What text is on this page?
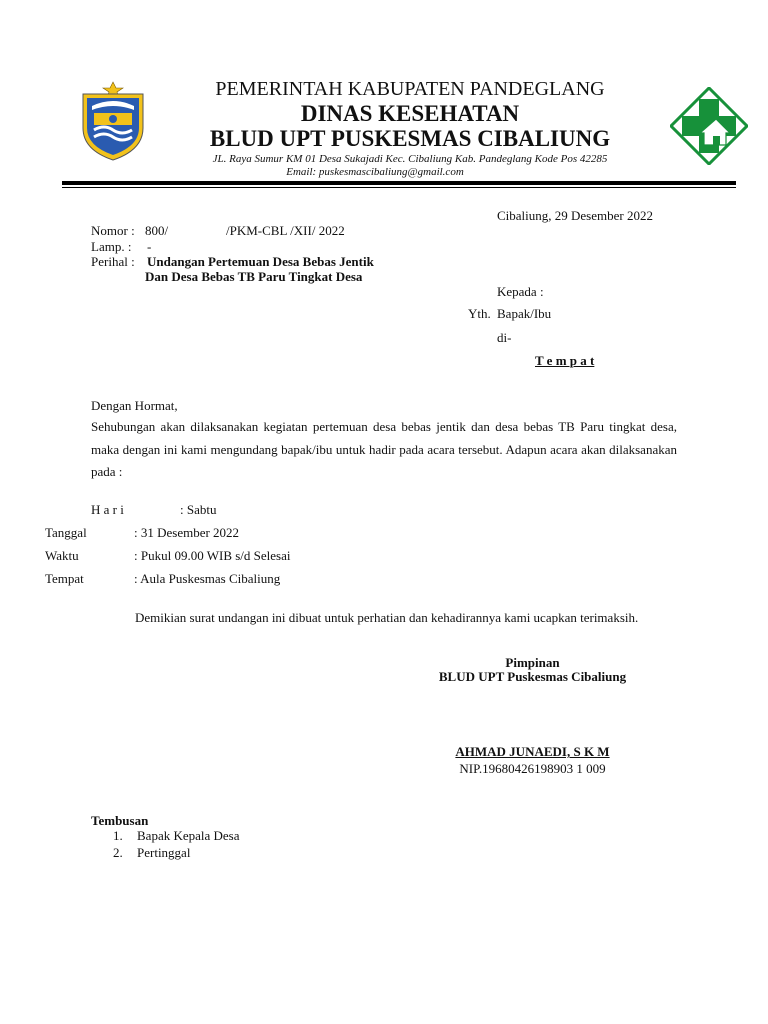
PEMERINTAH KABUPATEN PANDEGLANG
DINAS KESEHATAN
BLUD UPT PUSKESMAS CIBALIUNG
JL. Raya Sumur KM 01 Desa Sukajadi Kec. Cibaliung Kab. Pandeglang Kode Pos 42285
Email: puskesmascibaliung@gmail.com
Cibaliung, 29 Desember 2022
Nomor : 800/	/PKM-CBL /XII/ 2022
Lamp. : -
Perihal : Undangan Pertemuan Desa Bebas Jentik
Dan Desa Bebas TB Paru Tingkat Desa
Kepada :
Yth. Bapak/Ibu
di-
T e m p a t
Dengan Hormat,
Sehubungan akan dilaksanakan kegiatan pertemuan desa bebas jentik dan desa bebas TB Paru tingkat desa, maka dengan ini kami mengundang bapak/ibu untuk hadir pada acara tersebut. Adapun acara akan dilaksanakan pada :
H a r i	: Sabtu
Tanggal	: 31 Desember 2022
Waktu	: Pukul 09.00 WIB s/d Selesai
Tempat	: Aula Puskesmas Cibaliung
Demikian surat undangan ini dibuat untuk perhatian dan kehadirannya kami ucapkan terimaksih.
Pimpinan
BLUD UPT Puskesmas Cibaliung
AHMAD JUNAEDI, S K M
NIP.19680426198903 1 009
Tembusan
1. Bapak Kepala Desa
2. Pertinggal
